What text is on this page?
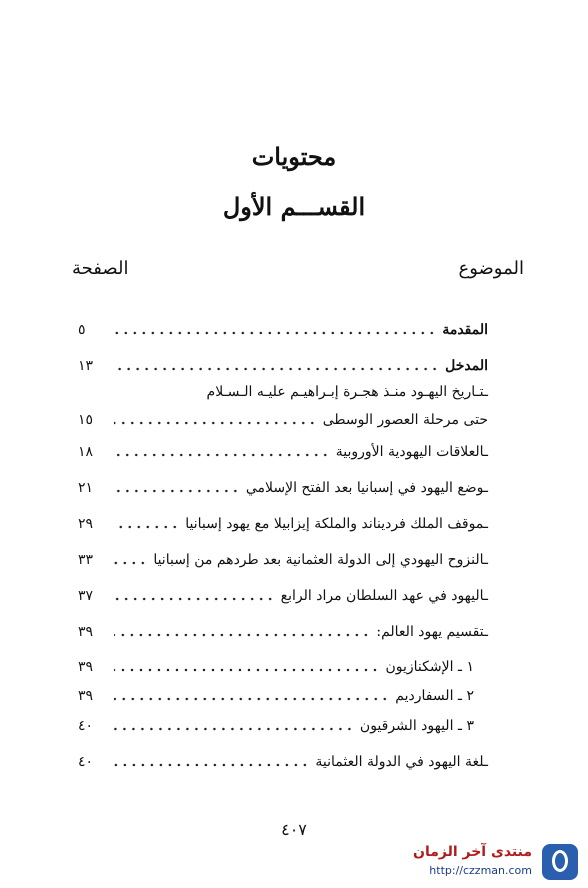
محتويات
القســـم الأول
الموضوع
الصفحة
المقدمة
٥
المدخل
١٣
ـتـاريخ اليهـود منـذ هجـرة إبـراهيـم عليـه الـسـلام
حتى مرحلة العصور الوسطى
١٥
ـالعلاقات اليهودية الأوروبية
١٨
ـوضع اليهود في إسبانيا بعد الفتح الإسلامي
٢١
ـموقف الملك فرديناند والملكة إيزابيلا مع يهود إسبانيا
٢٩
ـالنزوح اليهودي إلى الدولة العثمانية بعد طردهم من إسبانيا
٣٣
ـاليهود في عهد السلطان مراد الرابع
٣٧
ـتقسيم يهود العالم:
٣٩
١ ـ الإشكنازيون
٣٩
٢ ـ السفارديم
٣٩
٣ ـ اليهود الشرقيون
٤٠
ـلغة اليهود في الدولة العثمانية
٤٠
٤٠٧
منتدى آخر الزمان
http://czzman.com
